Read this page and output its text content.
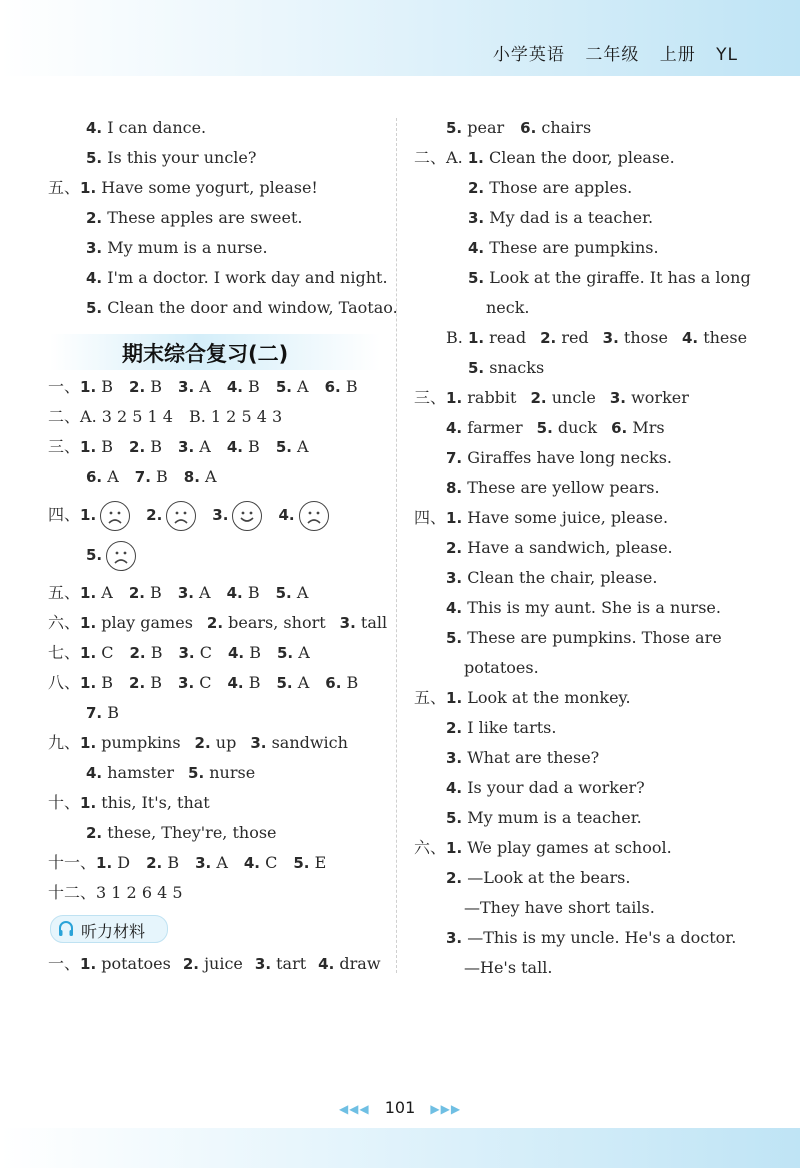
小学英语 二年级 上册 YL
期末综合复习(二)
听力材料
◀◀◀ 101 ▶▶▶
4. I can dance.
5. Is this your uncle?
五、1. Have some yogurt, please!
2. These apples are sweet.
3. My mum is a nurse.
4. I'm a doctor. I work day and night.
5. Clean the door and window, Taotao.
一、1. B 2. B 3. A 4. B 5. A 6. B
二、A. 3 2 5 1 4 B. 1 2 5 4 3
三、1. B 2. B 3. A 4. B 5. A
6. A 7. B 8. A
四、1.	2.	3.	4.
5.
五、1. A 2. B 3. A 4. B 5. A
六、1. play games 2. bears, short 3. tall
七、1. C 2. B 3. C 4. B 5. A
八、1. B 2. B 3. C 4. B 5. A 6. B
7. B
九、1. pumpkins 2. up 3. sandwich
4. hamster 5. nurse
十、1. this, It's, that
2. these, They're, those
十一、1. D 2. B 3. A 4. C 5. E
十二、3 1 2 6 4 5
一、1. potatoes 2. juice 3. tart 4. draw
5. pear 6. chairs
二、A. 1. Clean the door, please.
2. Those are apples.
3. My dad is a teacher.
4. These are pumpkins.
5. Look at the giraffe. It has a long
neck.
B. 1. read 2. red 3. those 4. these
5. snacks
三、1. rabbit 2. uncle 3. worker
4. farmer 5. duck 6. Mrs
7. Giraffes have long necks.
8. These are yellow pears.
四、1. Have some juice, please.
2. Have a sandwich, please.
3. Clean the chair, please.
4. This is my aunt. She is a nurse.
5. These are pumpkins. Those are
potatoes.
五、1. Look at the monkey.
2. I like tarts.
3. What are these?
4. Is your dad a worker?
5. My mum is a teacher.
六、1. We play games at school.
2. —Look at the bears.
—They have short tails.
3. —This is my uncle. He's a doctor.
—He's tall.
